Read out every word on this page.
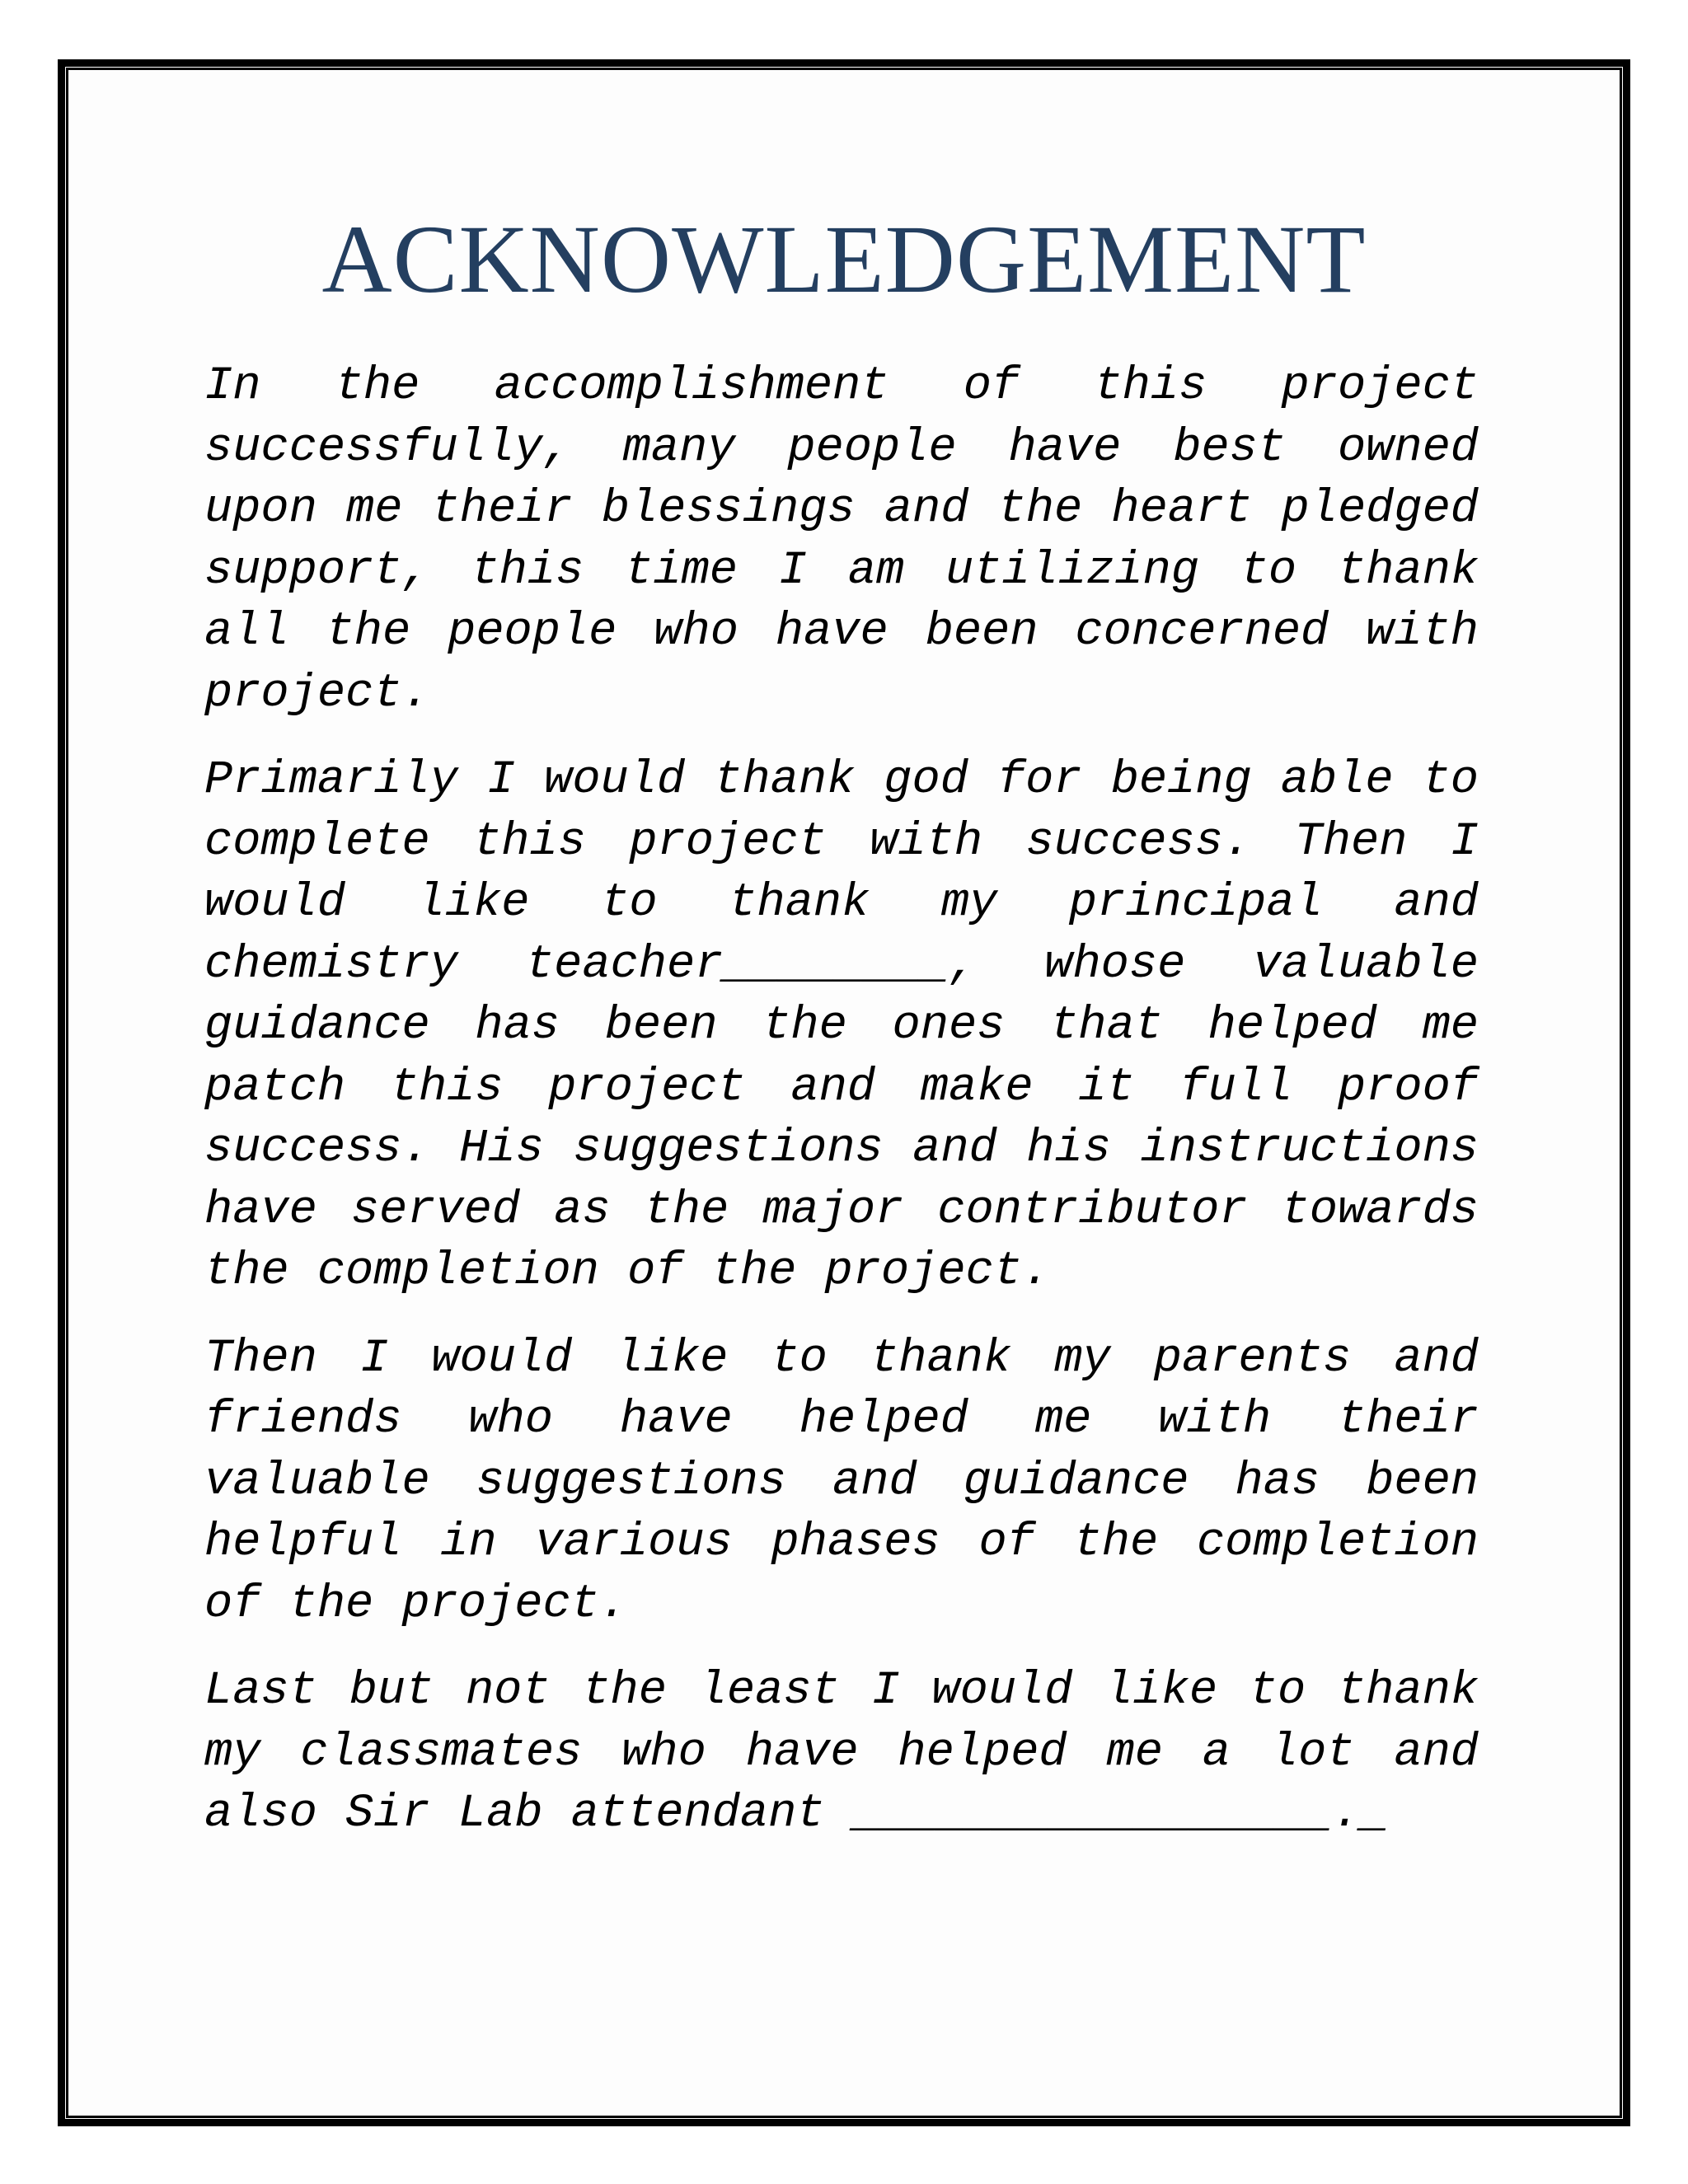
ACKNOWLEDGEMENT

In the accomplishment of this project successfully, many people have best owned upon me their blessings and the heart pledged support, this time I am utilizing to thank all the people who have been concerned with project.

Primarily I would thank god for being able to complete this project with success. Then I would like to thank my principal and chemistry teacher________, whose valuable guidance has been the ones that helped me patch this project and make it full proof success. His suggestions and his instructions have served as the major contributor towards the completion of the project.

Then I would like to thank my parents and friends who have helped me with their valuable suggestions and guidance has been helpful in various phases of the completion of the project.

Last but not the least I would like to thank my classmates who have helped me a lot and also Sir Lab attendant _________________._
